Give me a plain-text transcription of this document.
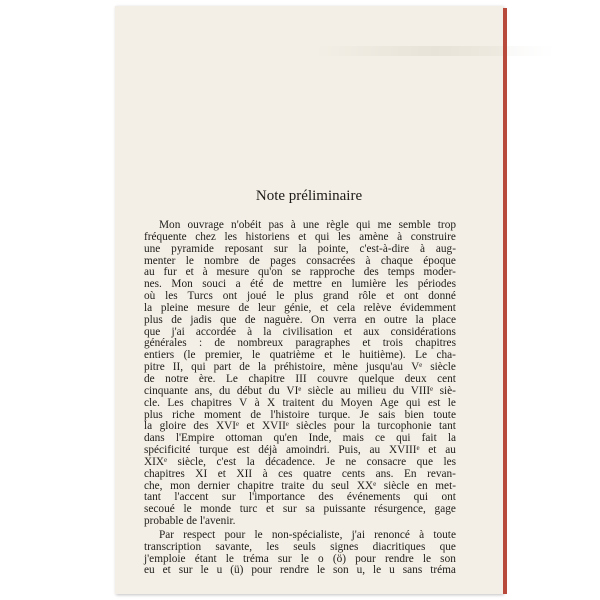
Note préliminaire
Mon ouvrage n'obéit pas à une règle qui me semble trop
fréquente chez les historiens et qui les amène à construire
une pyramide reposant sur la pointe, c'est-à-dire à aug-
menter le nombre de pages consacrées à chaque époque
au fur et à mesure qu'on se rapproche des temps moder-
nes. Mon souci a été de mettre en lumière les périodes
où les Turcs ont joué le plus grand rôle et ont donné
la pleine mesure de leur génie, et cela relève évidemment
plus de jadis que de naguère. On verra en outre la place
que j'ai accordée à la civilisation et aux considérations
générales : de nombreux paragraphes et trois chapitres
entiers (le premier, le quatrième et le huitième). Le cha-
pitre II, qui part de la préhistoire, mène jusqu'au Vᵉ siècle
de notre ère. Le chapitre III couvre quelque deux cent
cinquante ans, du début du VIᵉ siècle au milieu du VIIIᵉ siè-
cle. Les chapitres V à X traitent du Moyen Age qui est le
plus riche moment de l'histoire turque. Je sais bien toute
la gloire des XVIᵉ et XVIIᵉ siècles pour la turcophonie tant
dans l'Empire ottoman qu'en Inde, mais ce qui fait la
spécificité turque est déjà amoindri. Puis, au XVIIIᵉ et au
XIXᵉ siècle, c'est la décadence. Je ne consacre que les
chapitres XI et XII à ces quatre cents ans. En revan-
che, mon dernier chapitre traite du seul XXᵉ siècle en met-
tant l'accent sur l'importance des événements qui ont
secoué le monde turc et sur sa puissante résurgence, gage
probable de l'avenir.
Par respect pour le non-spécialiste, j'ai renoncé à toute
transcription savante, les seuls signes diacritiques que
j'emploie étant le tréma sur le o (ö) pour rendre le son
eu et sur le u (ü) pour rendre le son u, le u sans tréma
